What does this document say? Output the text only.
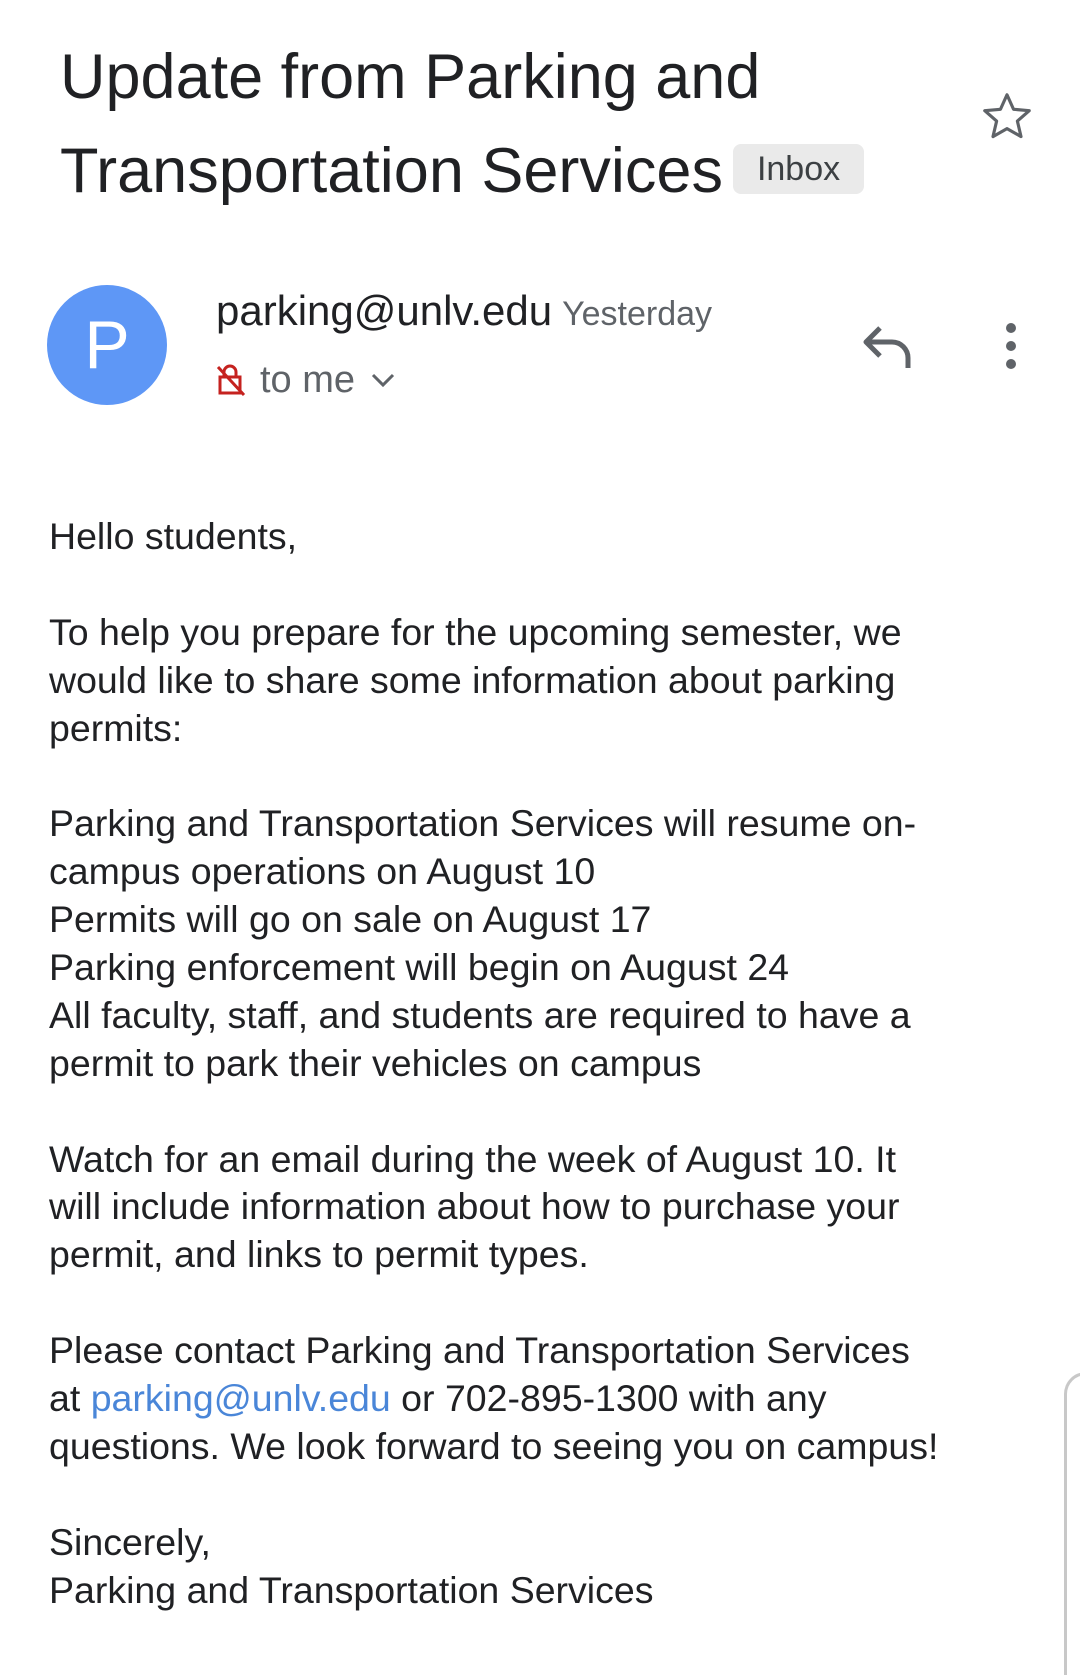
Update from Parking and Transportation Services Inbox
P	parking@unlv.edu Yesterday
to me
Hello students,
To help you prepare for the upcoming semester, we
would like to share some information about parking
permits:
Parking and Transportation Services will resume on-
campus operations on August 10
Permits will go on sale on August 17
Parking enforcement will begin on August 24
All faculty, staff, and students are required to have a
permit to park their vehicles on campus
Watch for an email during the week of August 10. It
will include information about how to purchase your
permit, and links to permit types.
Please contact Parking and Transportation Services
at parking@unlv.edu or 702-895-1300 with any
questions. We look forward to seeing you on campus!
Sincerely,
Parking and Transportation Services
